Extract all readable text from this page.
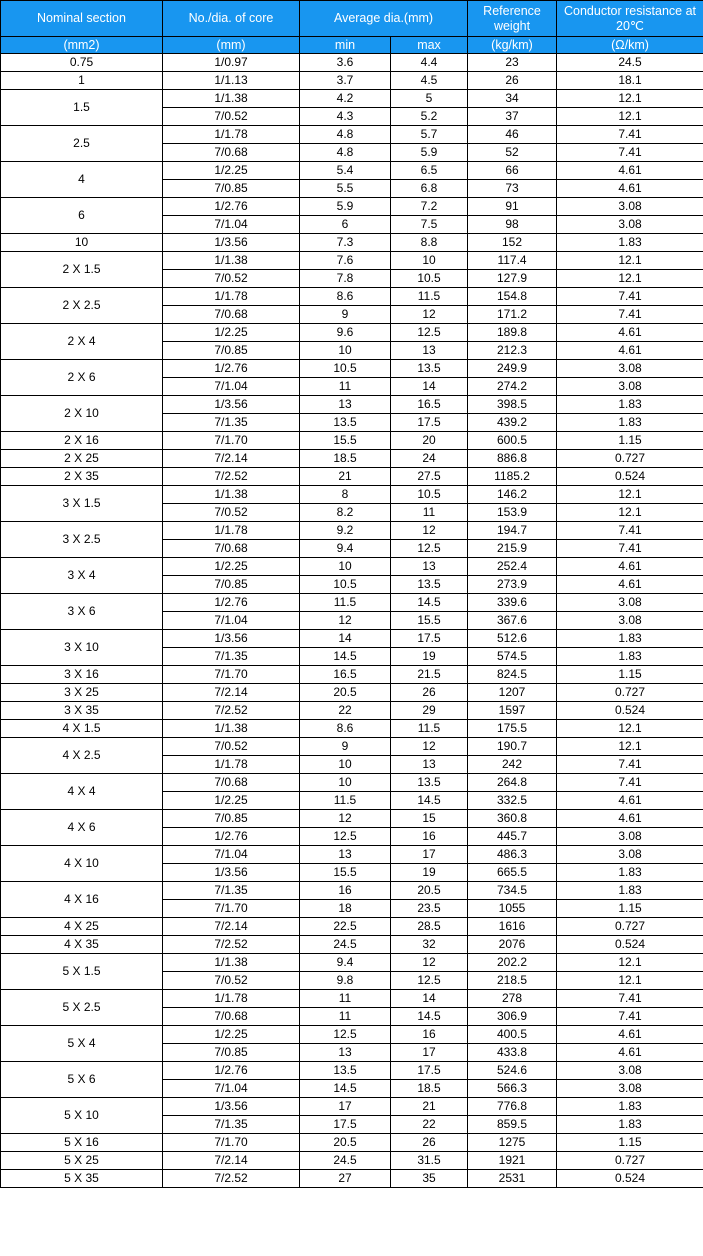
Nominal section	No./dia. of core	Average dia.(mm)		Reference weight	Conductor resistance at 20℃
(mm2)	(mm)	min	max	(kg/km)	(Ω/km)
0.75	1/0.97	3.6	4.4	23	24.5
1	1/1.13	3.7	4.5	26	18.1
1.5	1/1.38	4.2	5	34	12.1
	7/0.52	4.3	5.2	37	12.1
2.5	1/1.78	4.8	5.7	46	7.41
	7/0.68	4.8	5.9	52	7.41
4	1/2.25	5.4	6.5	66	4.61
	7/0.85	5.5	6.8	73	4.61
6	1/2.76	5.9	7.2	91	3.08
	7/1.04	6	7.5	98	3.08
10	1/3.56	7.3	8.8	152	1.83
2 X 1.5	1/1.38	7.6	10	117.4	12.1
	7/0.52	7.8	10.5	127.9	12.1
2 X 2.5	1/1.78	8.6	11.5	154.8	7.41
	7/0.68	9	12	171.2	7.41
2 X 4	1/2.25	9.6	12.5	189.8	4.61
	7/0.85	10	13	212.3	4.61
2 X 6	1/2.76	10.5	13.5	249.9	3.08
	7/1.04	11	14	274.2	3.08
2 X 10	1/3.56	13	16.5	398.5	1.83
	7/1.35	13.5	17.5	439.2	1.83
2 X 16	7/1.70	15.5	20	600.5	1.15
2 X 25	7/2.14	18.5	24	886.8	0.727
2 X 35	7/2.52	21	27.5	1185.2	0.524
3 X 1.5	1/1.38	8	10.5	146.2	12.1
	7/0.52	8.2	11	153.9	12.1
3 X 2.5	1/1.78	9.2	12	194.7	7.41
	7/0.68	9.4	12.5	215.9	7.41
3 X 4	1/2.25	10	13	252.4	4.61
	7/0.85	10.5	13.5	273.9	4.61
3 X 6	1/2.76	11.5	14.5	339.6	3.08
	7/1.04	12	15.5	367.6	3.08
3 X 10	1/3.56	14	17.5	512.6	1.83
	7/1.35	14.5	19	574.5	1.83
3 X 16	7/1.70	16.5	21.5	824.5	1.15
3 X 25	7/2.14	20.5	26	1207	0.727
3 X 35	7/2.52	22	29	1597	0.524
4 X 1.5	1/1.38	8.6	11.5	175.5	12.1
4 X 2.5	7/0.52	9	12	190.7	12.1
	1/1.78	10	13	242	7.41
4 X 4	7/0.68	10	13.5	264.8	7.41
	1/2.25	11.5	14.5	332.5	4.61
4 X 6	7/0.85	12	15	360.8	4.61
	1/2.76	12.5	16	445.7	3.08
4 X 10	7/1.04	13	17	486.3	3.08
	1/3.56	15.5	19	665.5	1.83
4 X 16	7/1.35	16	20.5	734.5	1.83
	7/1.70	18	23.5	1055	1.15
4 X 25	7/2.14	22.5	28.5	1616	0.727
4 X 35	7/2.52	24.5	32	2076	0.524
5 X 1.5	1/1.38	9.4	12	202.2	12.1
	7/0.52	9.8	12.5	218.5	12.1
5 X 2.5	1/1.78	11	14	278	7.41
	7/0.68	11	14.5	306.9	7.41
5 X 4	1/2.25	12.5	16	400.5	4.61
	7/0.85	13	17	433.8	4.61
5 X 6	1/2.76	13.5	17.5	524.6	3.08
	7/1.04	14.5	18.5	566.3	3.08
5 X 10	1/3.56	17	21	776.8	1.83
	7/1.35	17.5	22	859.5	1.83
5 X 16	7/1.70	20.5	26	1275	1.15
5 X 25	7/2.14	24.5	31.5	1921	0.727
5 X 35	7/2.52	27	35	2531	0.524
